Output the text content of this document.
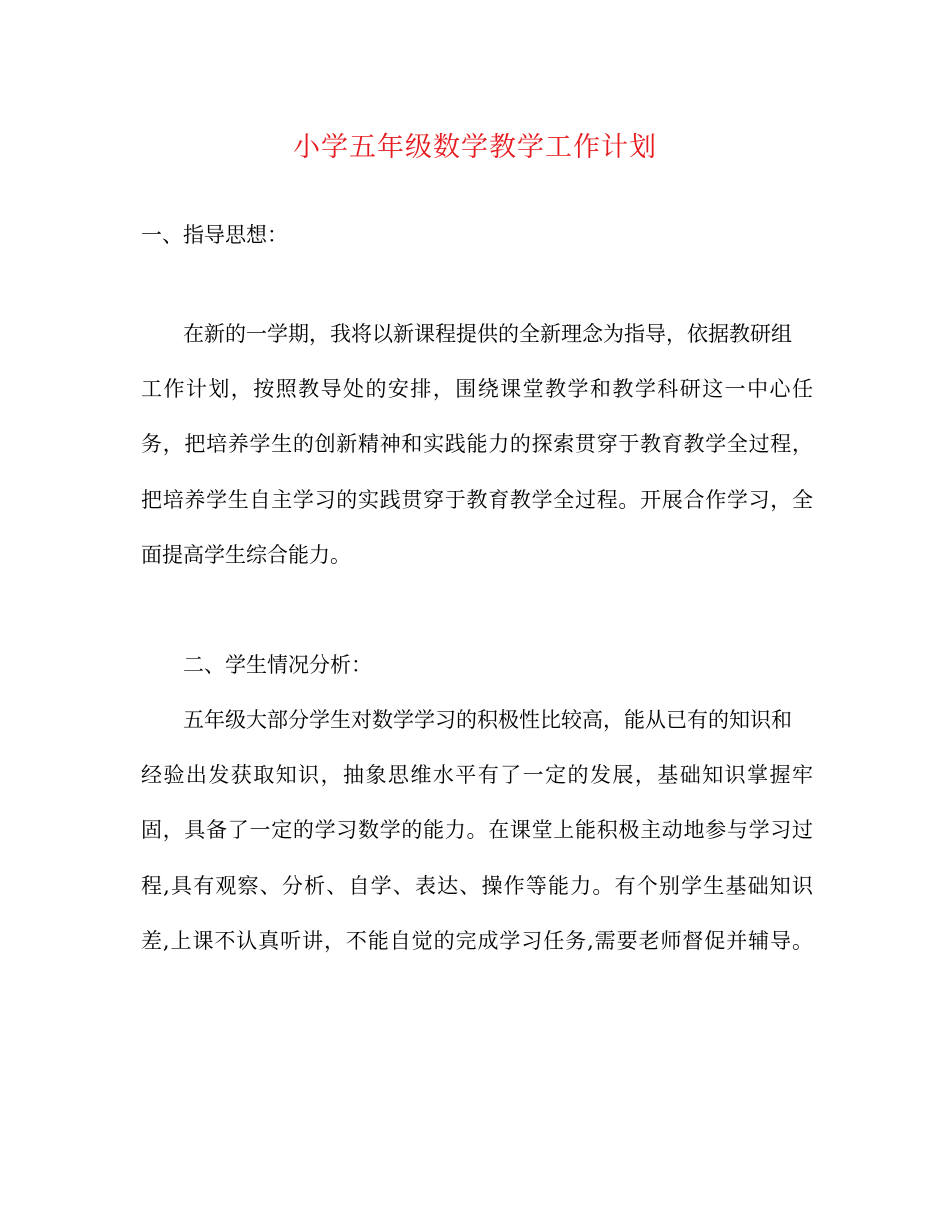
小学五年级数学教学工作计划

一、指导思想：

在新的一学期，我将以新课程提供的全新理念为指导，依据教研组

工作计划，按照教导处的安排，围绕课堂教学和教学科研这一中心任

务，把培养学生的创新精神和实践能力的探索贯穿于教育教学全过程，

把培养学生自主学习的实践贯穿于教育教学全过程。开展合作学习，全

面提高学生综合能力。

二、学生情况分析：

五年级大部分学生对数学学习的积极性比较高，能从已有的知识和

经验出发获取知识，抽象思维水平有了一定的发展，基础知识掌握牢

固，具备了一定的学习数学的能力。在课堂上能积极主动地参与学习过

程,具有观察、分析、自学、表达、操作等能力。有个别学生基础知识

差,上课不认真听讲，不能自觉的完成学习任务,需要老师督促并辅导。
